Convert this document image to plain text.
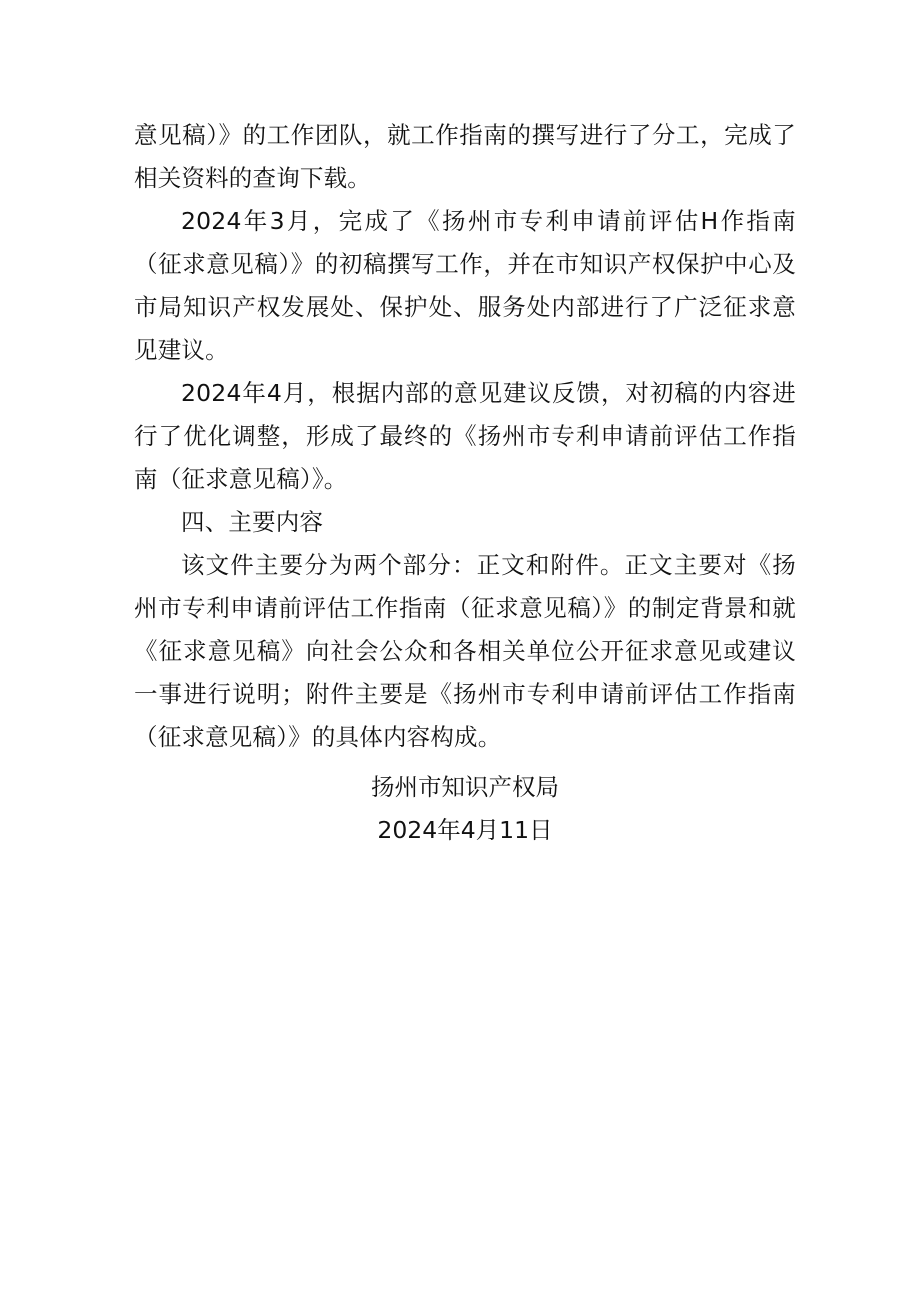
意见稿）》的工作团队，就工作指南的撰写进行了分工，完成了相关资料的查询下载。

2024年3月，完成了《扬州市专利申请前评估H作指南（征求意见稿）》的初稿撰写工作，并在市知识产权保护中心及市局知识产权发展处、保护处、服务处内部进行了广泛征求意见建议。

2024年4月，根据内部的意见建议反馈，对初稿的内容进行了优化调整，形成了最终的《扬州市专利申请前评估工作指南（征求意见稿）》。

四、主要内容

该文件主要分为两个部分：正文和附件。正文主要对《扬州市专利申请前评估工作指南（征求意见稿）》的制定背景和就《征求意见稿》向社会公众和各相关单位公开征求意见或建议一事进行说明；附件主要是《扬州市专利申请前评估工作指南（征求意见稿）》的具体内容构成。

扬州市知识产权局
2024年4月11日
